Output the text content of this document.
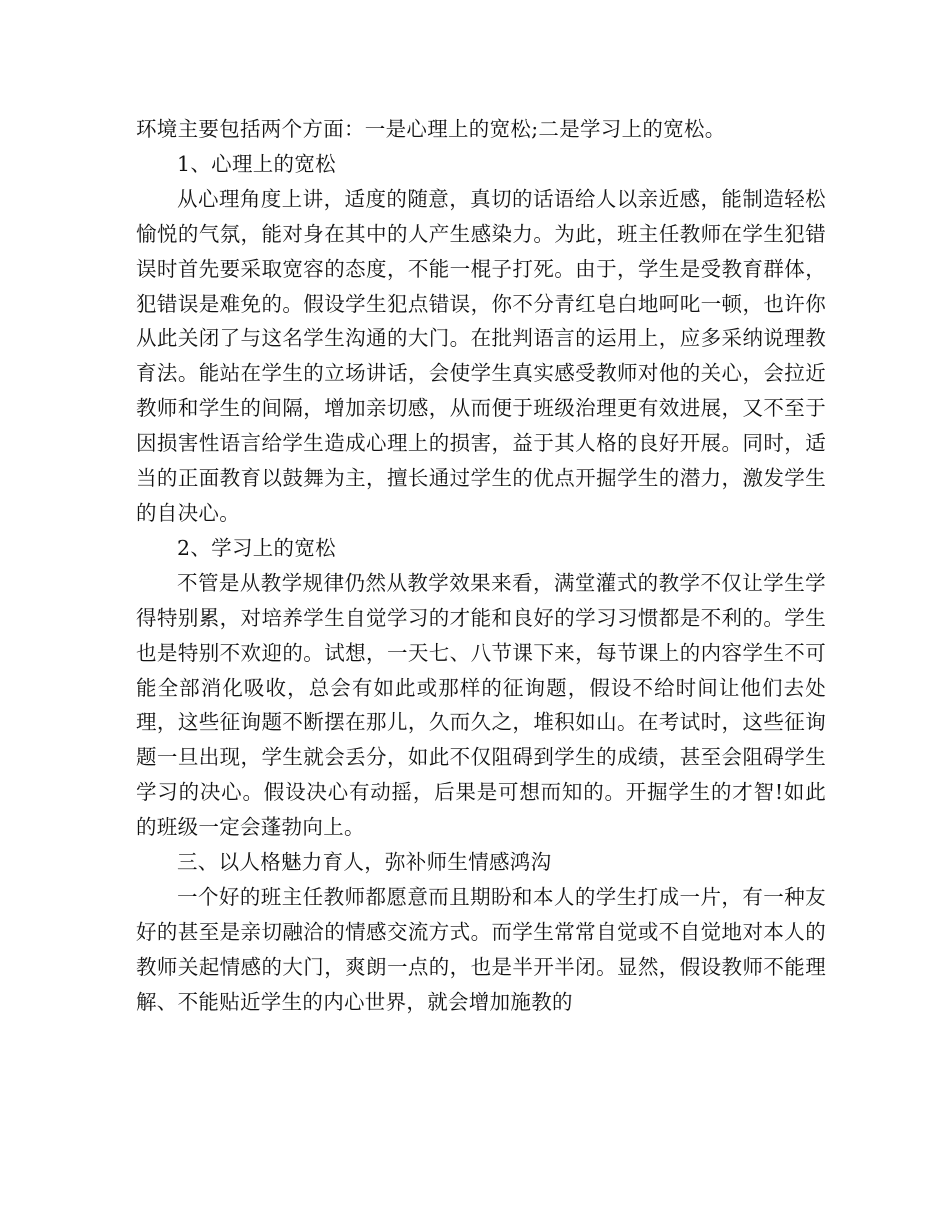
环境主要包括两个方面：一是心理上的宽松;二是学习上的宽松。

1、心理上的宽松

从心理角度上讲，适度的随意，真切的话语给人以亲近感，能制造轻松愉悦的气氛，能对身在其中的人产生感染力。为此，班主任教师在学生犯错误时首先要采取宽容的态度，不能一棍子打死。由于，学生是受教育群体，犯错误是难免的。假设学生犯点错误，你不分青红皂白地呵叱一顿，也许你从此关闭了与这名学生沟通的大门。在批判语言的运用上，应多采纳说理教育法。能站在学生的立场讲话，会使学生真实感受教师对他的关心，会拉近教师和学生的间隔，增加亲切感，从而便于班级治理更有效进展，又不至于因损害性语言给学生造成心理上的损害，益于其人格的良好开展。同时，适当的正面教育以鼓舞为主，擅长通过学生的优点开掘学生的潜力，激发学生的自决心。

2、学习上的宽松

不管是从教学规律仍然从教学效果来看，满堂灌式的教学不仅让学生学得特别累，对培养学生自觉学习的才能和良好的学习习惯都是不利的。学生也是特别不欢迎的。试想，一天七、八节课下来，每节课上的内容学生不可能全部消化吸收，总会有如此或那样的征询题，假设不给时间让他们去处理，这些征询题不断摆在那儿，久而久之，堆积如山。在考试时，这些征询题一旦出现，学生就会丢分，如此不仅阻碍到学生的成绩，甚至会阻碍学生学习的决心。假设决心有动摇，后果是可想而知的。开掘学生的才智!如此的班级一定会蓬勃向上。

三、以人格魅力育人，弥补师生情感鸿沟

一个好的班主任教师都愿意而且期盼和本人的学生打成一片，有一种友好的甚至是亲切融洽的情感交流方式。而学生常常自觉或不自觉地对本人的教师关起情感的大门，爽朗一点的，也是半开半闭。显然，假设教师不能理解、不能贴近学生的内心世界，就会增加施教的
